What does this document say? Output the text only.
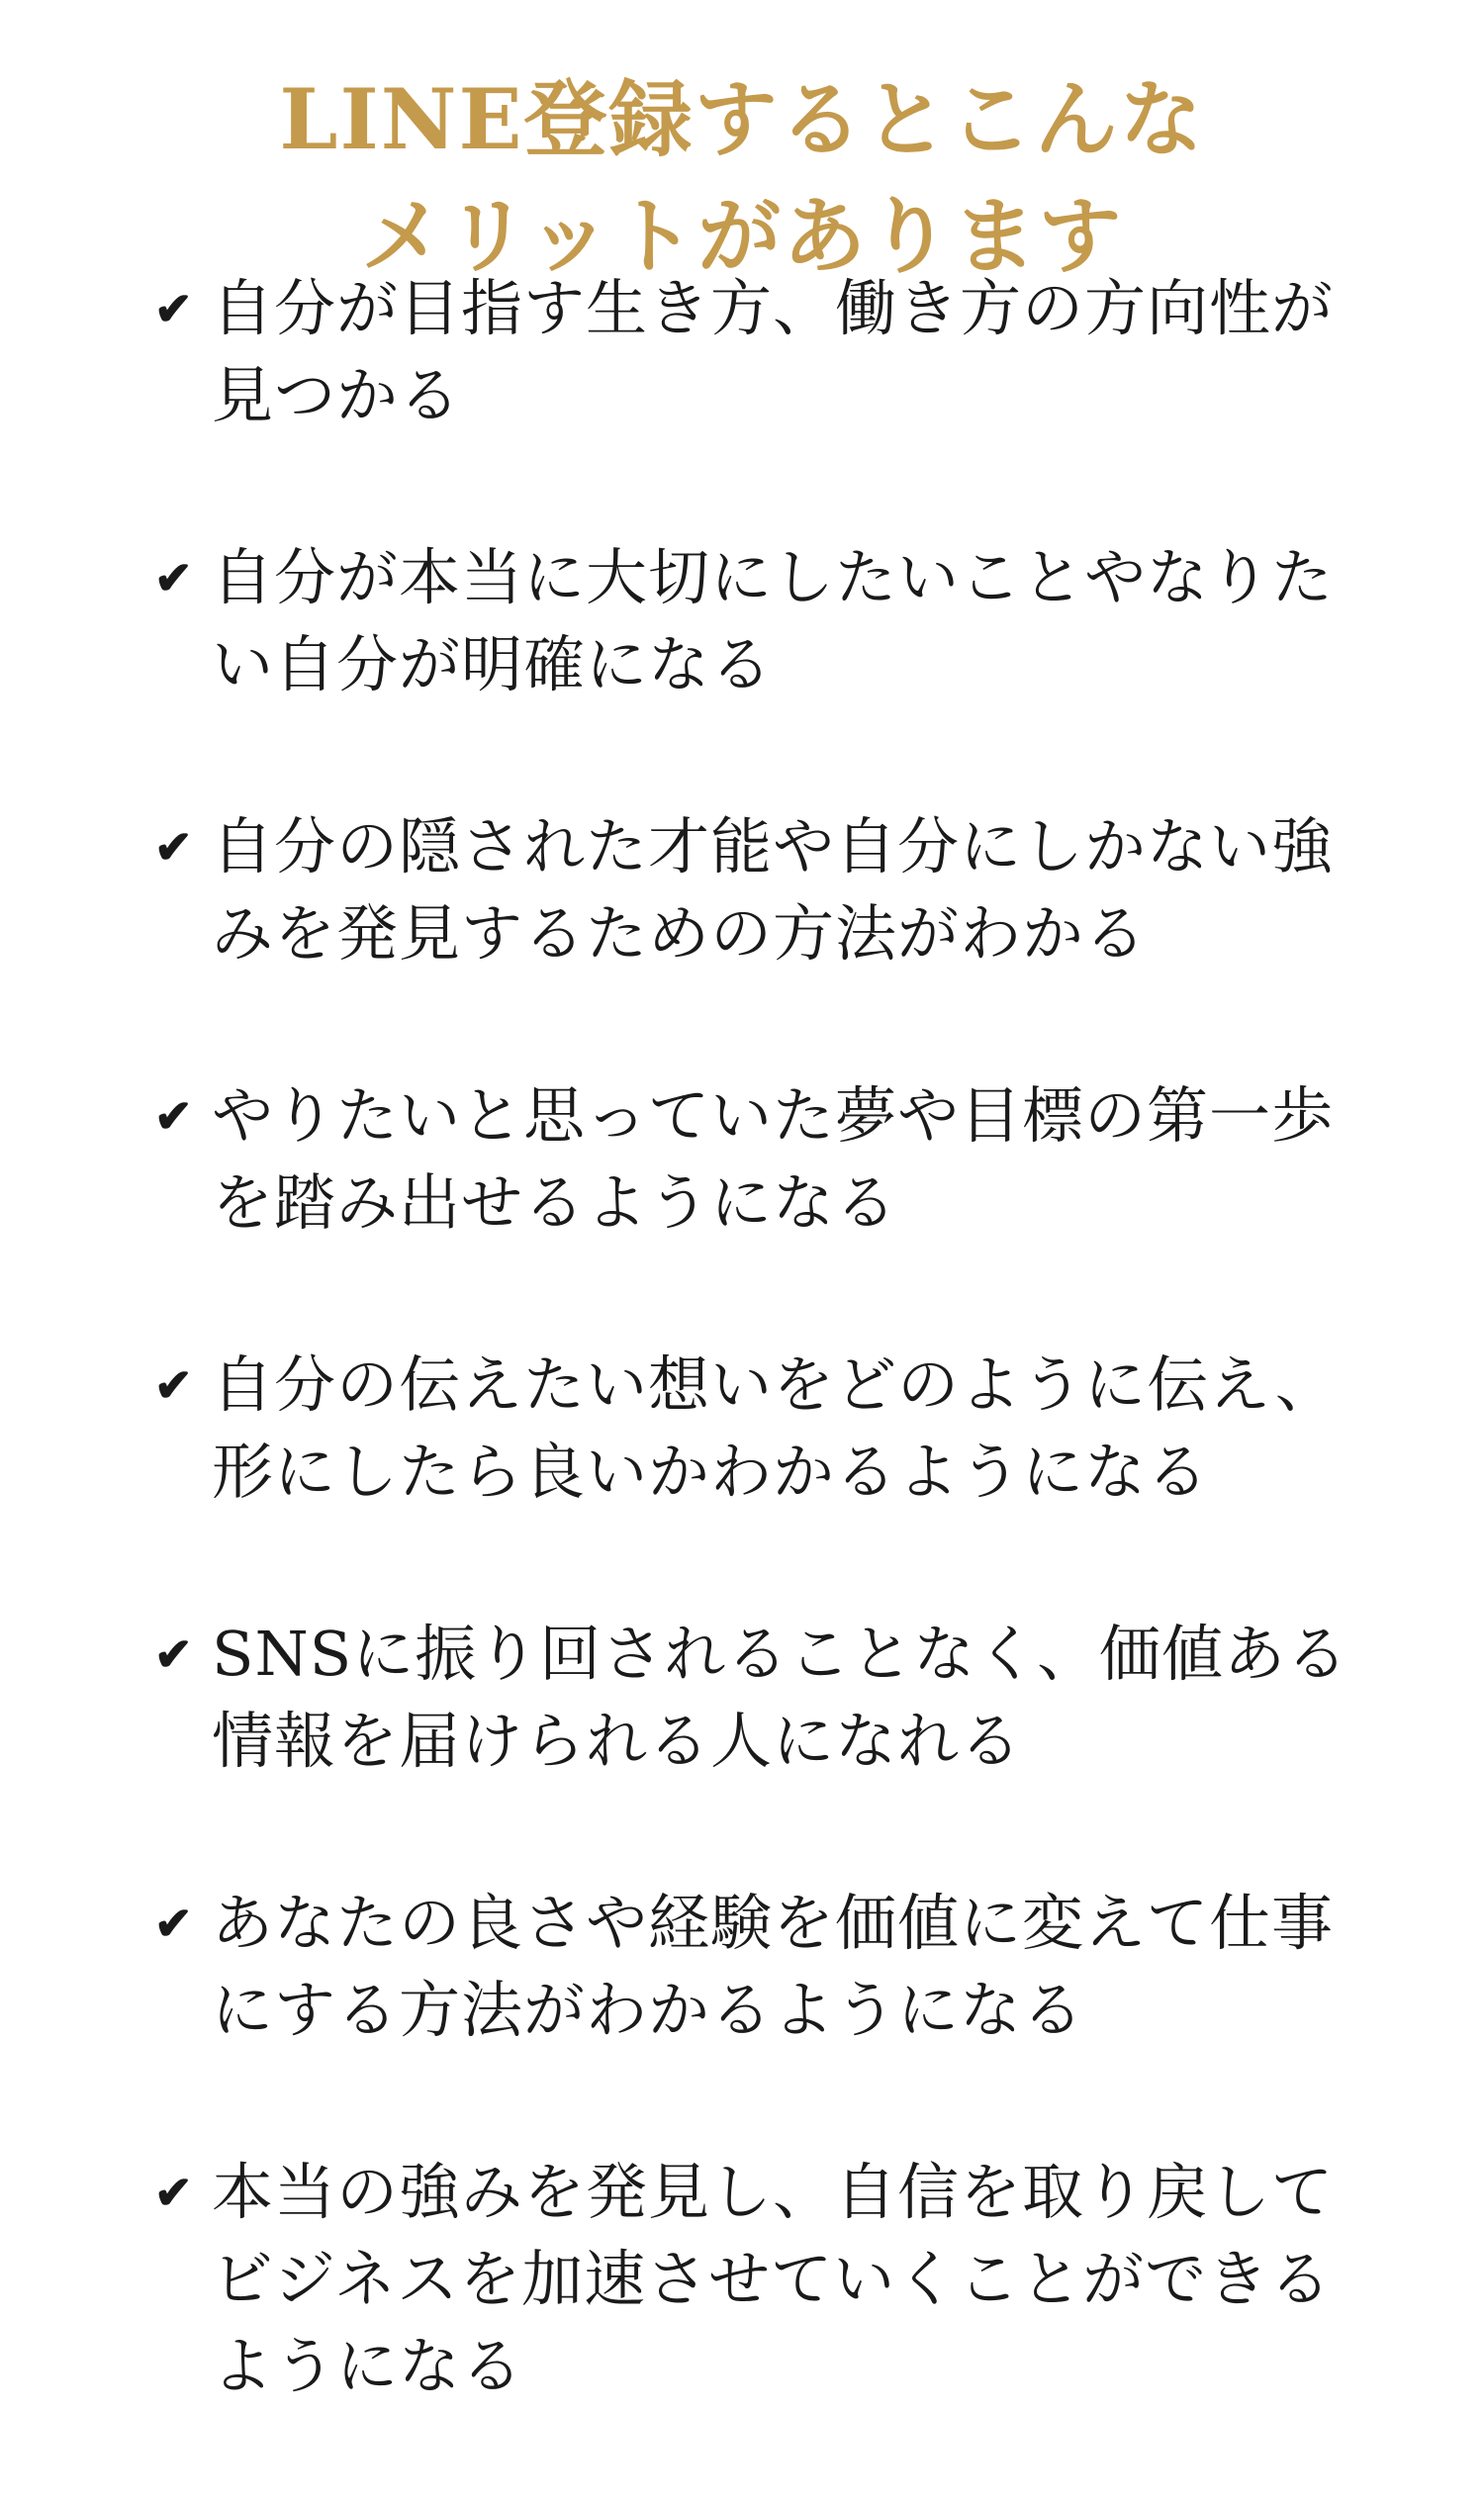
LINE登録するとこんな
メリットがあります
✔ 自分が目指す生き方、働き方の方向性が見つかる
✔ 自分が本当に大切にしたいことやなりたい自分が明確になる
✔ 自分の隠された才能や自分にしかない強みを発見するための方法がわかる
✔ やりたいと思っていた夢や目標の第一歩を踏み出せるようになる
✔ 自分の伝えたい想いをどのように伝え、形にしたら良いかわかるようになる
✔ SNSに振り回されることなく、価値ある情報を届けられる人になれる
✔ あなたの良さや経験を価値に変えて仕事にする方法がわかるようになる
✔ 本当の強みを発見し、自信を取り戻してビジネスを加速させていくことができるようになる
